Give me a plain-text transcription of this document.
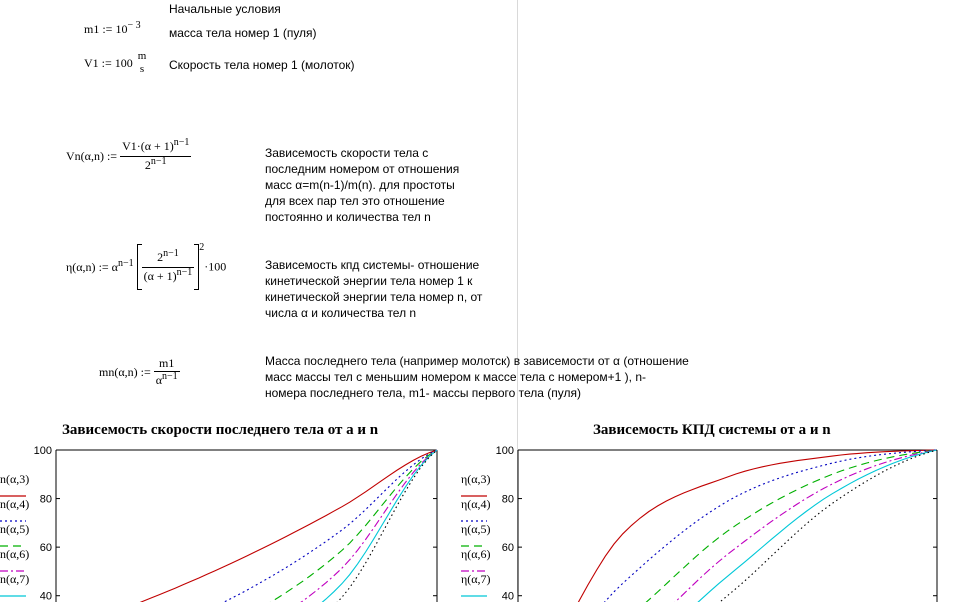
Начальные условия
m1 := $10^{- 3}$
масса тела номер 1 (пуля)
V1 := 100 m
s	Скорость тела номер 1 (молоток)
Vn(α,n) := $\frac{V1\cdot(\alpha + 1)^{n-1}}{2^{n-1}}$	Зависемость скорости тела с
последним номером от отношения
масс α=m(n-1)/m(n). для простоты
для всех пар тел это отношение
постоянно и количества тел n
η(α,n) := $\alpha^{n-1} \frac{2^{n-1}}{(\alpha + 1)^{n-1}}$
$^2$·100	Зависемость кпд системы- отношение
кинетической энергии тела номер 1 к
кинетической энергии тела номер n, от
числа α и количества тел n
mn(α,n) := $\frac{m1}{\alpha^{n-1}}$	Масса последнего тела (например молотск) в зависемости от α (отношение
масс массы тел с меньшим номером к массе тела с номером+1 ), n-
номера последнего тела, m1- массы первого тела (пуля)
Зависемость скорости последнего тела от а и n
100
80
60
40
n(α,3)
n(α,4)
n(α,5)
n(α,6)
n(α,7)
Зависемость КПД системы от а и n
100
80
60
40
η(α,3)
η(α,4)
η(α,5)
η(α,6)
η(α,7)
